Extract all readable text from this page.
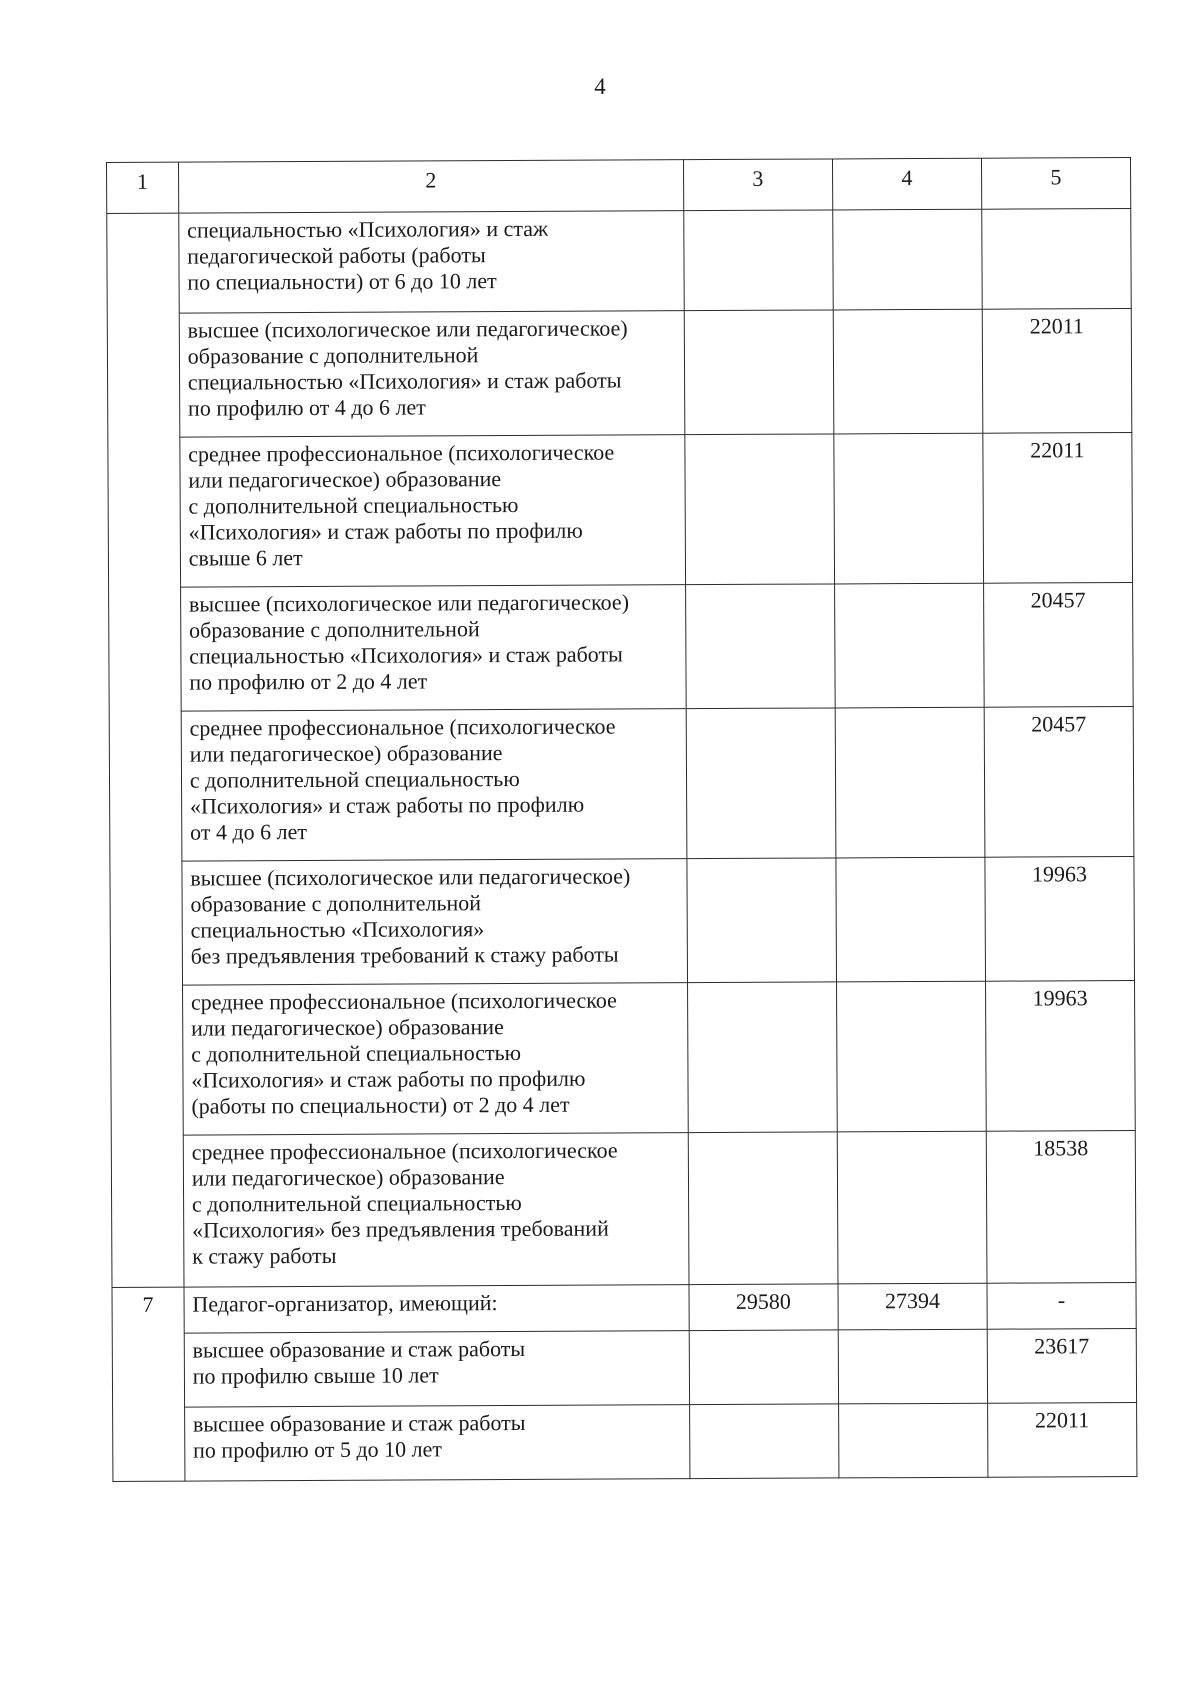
4
1	2	3	4	5
	специальностью «Психология» и стаж
педагогической работы (работы
по специальности) от 6 до 10 лет			
	высшее (психологическое или педагогическое)
образование с дополнительной
специальностью «Психология» и стаж работы
по профилю от 4 до 6 лет			22011
	среднее профессиональное (психологическое
или педагогическое) образование
с дополнительной специальностью
«Психология» и стаж работы по профилю
свыше 6 лет			22011
	высшее (психологическое или педагогическое)
образование с дополнительной
специальностью «Психология» и стаж работы
по профилю от 2 до 4 лет			20457
	среднее профессиональное (психологическое
или педагогическое) образование
с дополнительной специальностью
«Психология» и стаж работы по профилю
от 4 до 6 лет			20457
	высшее (психологическое или педагогическое)
образование с дополнительной
специальностью «Психология»
без предъявления требований к стажу работы			19963
	среднее профессиональное (психологическое
или педагогическое) образование
с дополнительной специальностью
«Психология» и стаж работы по профилю
(работы по специальности) от 2 до 4 лет			19963
	среднее профессиональное (психологическое
или педагогическое) образование
с дополнительной специальностью
«Психология» без предъявления требований
к стажу работы			18538
7	Педагог-организатор, имеющий:	29580	27394	-
	высшее образование и стаж работы
по профилю свыше 10 лет			23617
	высшее образование и стаж работы
по профилю от 5 до 10 лет			22011
